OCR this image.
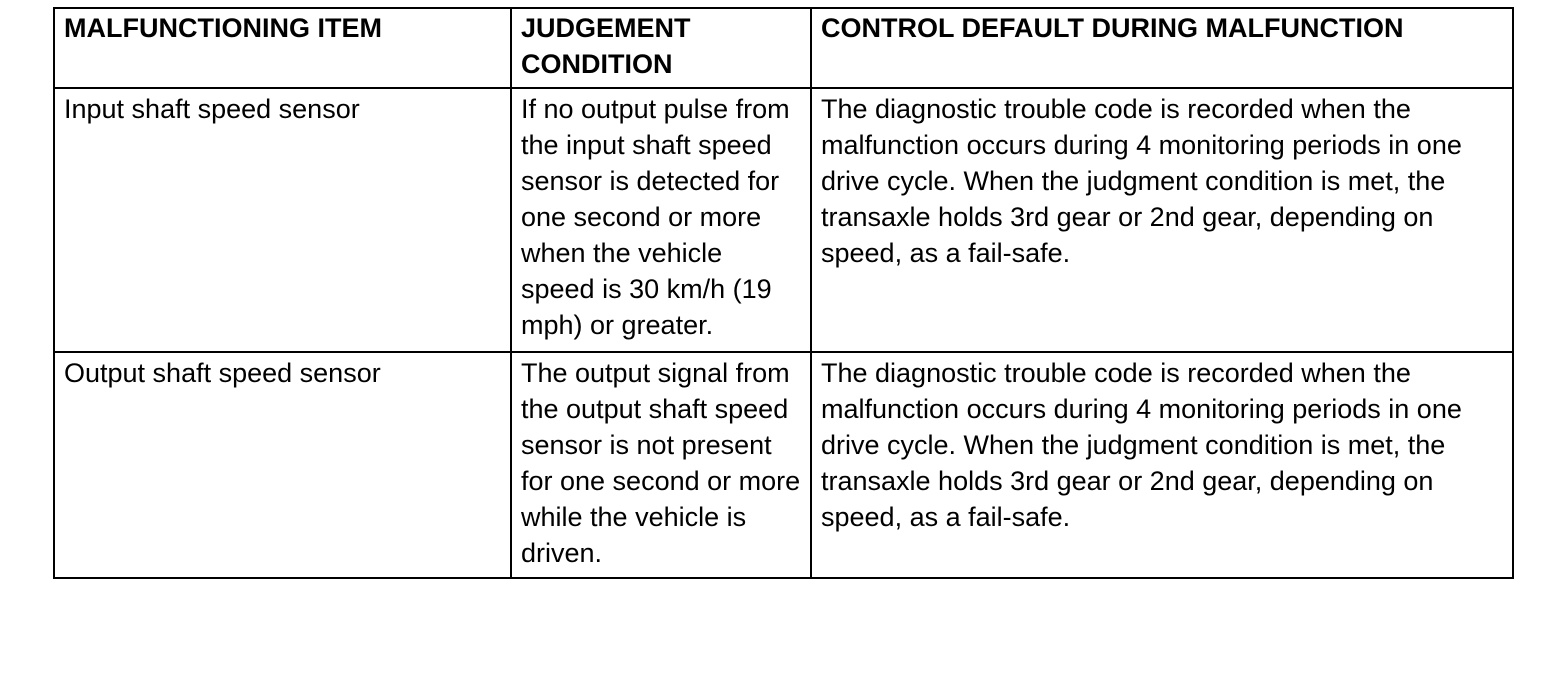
MALFUNCTIONING ITEM	JUDGEMENT CONDITION	CONTROL DEFAULT DURING MALFUNCTION
Input shaft speed sensor	If no output pulse from the input shaft speed sensor is detected for one second or more when the vehicle speed is 30 km/h (19 mph) or greater.	The diagnostic trouble code is recorded when the malfunction occurs during 4 monitoring periods in one drive cycle. When the judgment condition is met, the transaxle holds 3rd gear or 2nd gear, depending on speed, as a fail-safe.
Output shaft speed sensor	The output signal from the output shaft speed sensor is not present for one second or more while the vehicle is driven.	The diagnostic trouble code is recorded when the malfunction occurs during 4 monitoring periods in one drive cycle. When the judgment condition is met, the transaxle holds 3rd gear or 2nd gear, depending on speed, as a fail-safe.
